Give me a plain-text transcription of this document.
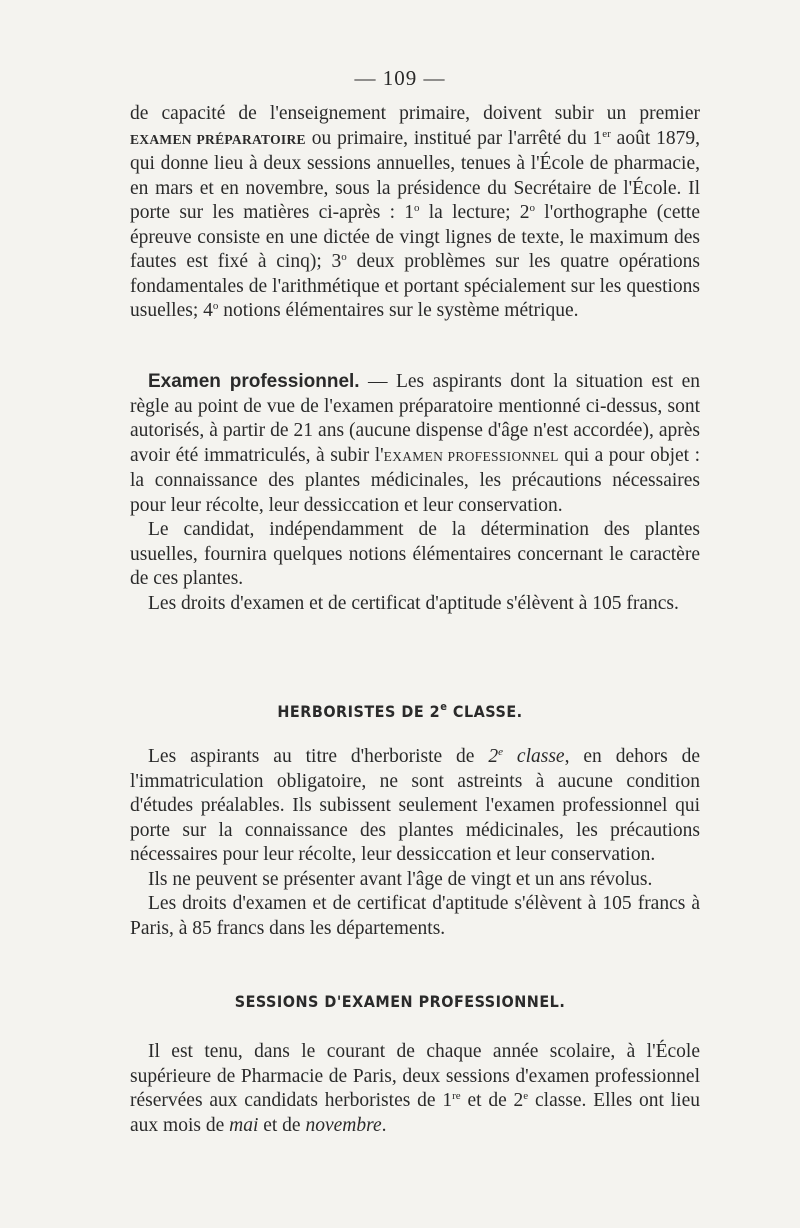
— 109 —

de capacité de l'enseignement primaire, doivent subir un premier EXAMEN PRÉPARATOIRE ou primaire, institué par l'arrêté du 1er août 1879, qui donne lieu à deux sessions annuelles, tenues à l'École de pharmacie, en mars et en novembre, sous la présidence du Secrétaire de l'École. Il porte sur les matières ci-après : 1$^o$ la lecture; 2$^o$ l'orthographe (cette épreuve consiste en une dictée de vingt lignes de texte, le maximum des fautes est fixé à cinq); 3$^o$ deux problèmes sur les quatre opérations fondamentales de l'arithmétique et portant spécialement sur les questions usuelles; 4$^o$ notions élémentaires sur le système métrique.

Examen professionnel. — Les aspirants dont la situation est en règle au point de vue de l'examen préparatoire mentionné ci-dessus, sont autorisés, à partir de 21 ans (aucune dispense d'âge n'est accordée), après avoir été immatriculés, à subir l'EXAMEN PROFESSIONNEL qui a pour objet : la connaissance des plantes médicinales, les précautions nécessaires pour leur récolte, leur dessiccation et leur conservation.

Le candidat, indépendamment de la détermination des plantes usuelles, fournira quelques notions élémentaires concernant le caractère de ces plantes.

Les droits d'examen et de certificat d'aptitude s'élèvent à 105 francs.

HERBORISTES DE 2e CLASSE.

Les aspirants au titre d'herboriste de 2e classe, en dehors de l'immatriculation obligatoire, ne sont astreints à aucune condition d'études préalables. Ils subissent seulement l'examen professionnel qui porte sur la connaissance des plantes médicinales, les précautions nécessaires pour leur récolte, leur dessiccation et leur conservation.

Ils ne peuvent se présenter avant l'âge de vingt et un ans révolus.

Les droits d'examen et de certificat d'aptitude s'élèvent à 105 francs à Paris, à 85 francs dans les départements.

SESSIONS D'EXAMEN PROFESSIONNEL.

Il est tenu, dans le courant de chaque année scolaire, à l'École supérieure de Pharmacie de Paris, deux sessions d'examen professionnel réservées aux candidats herboristes de 1re et de 2e classe. Elles ont lieu aux mois de mai et de novembre.
